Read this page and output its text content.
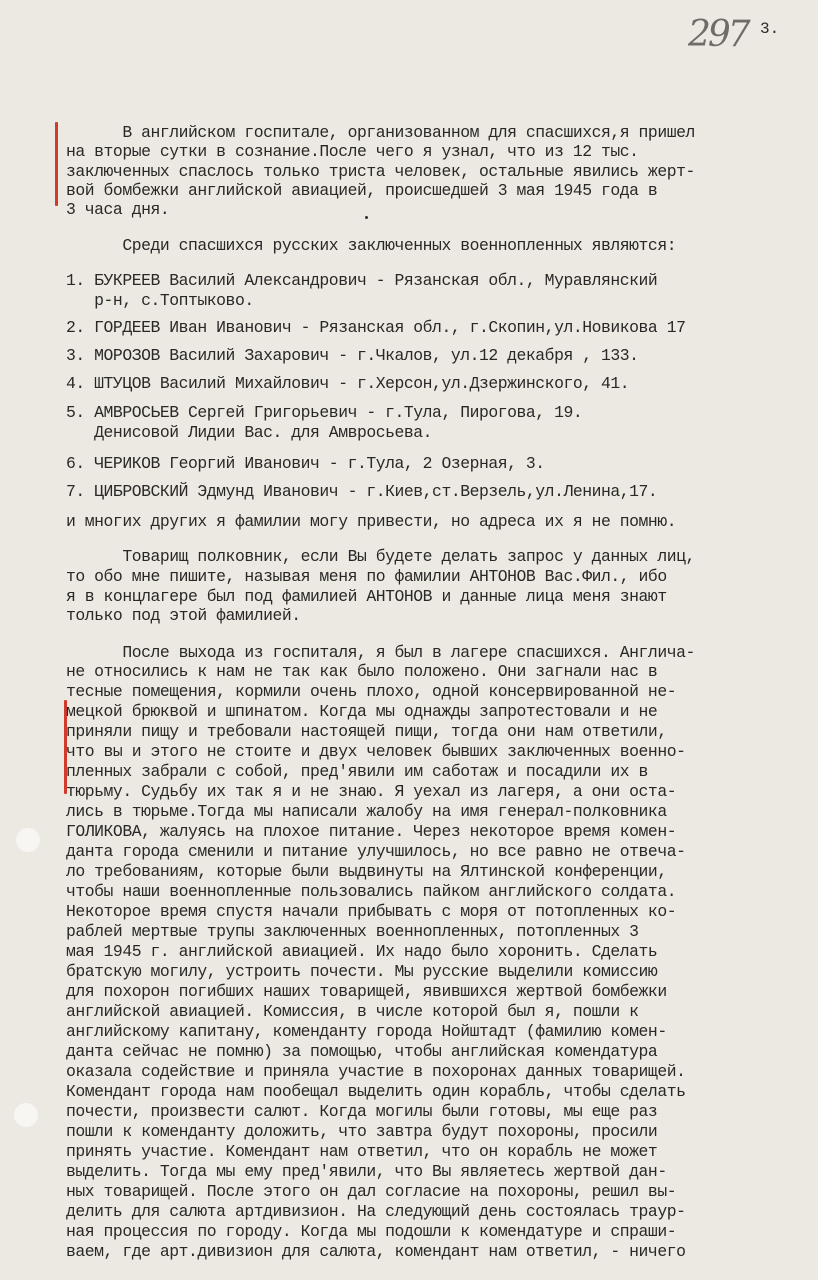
297 3.
В английском госпитале, организованном для спасшихся,я пришел
на вторые сутки в сознание.После чего я узнал, что из 12 тыс.
заключенных спаслось только триста человек, остальные явились жерт-
вой бомбежки английской авиацией, происшедшей 3 мая 1945 года в
3 часа дня.
Среди спасшихся русских заключенных военнопленных являются:
1. БУКРЕЕВ Василий Александрович - Рязанская обл., Муравлянский
р-н, с.Топтыково.
2. ГОРДЕЕВ Иван Иванович - Рязанская обл., г.Скопин,ул.Новикова 17
3. МОРОЗОВ Василий Захарович - г.Чкалов, ул.12 декабря , 133.
4. ШТУЦОВ Василий Михайлович - г.Херсон,ул.Дзержинского, 41.
5. АМВРОСЬЕВ Сергей Григорьевич - г.Тула, Пирогова, 19.
Денисовой Лидии Вас. для Амвросьева.
6. ЧЕРИКОВ Георгий Иванович - г.Тула, 2 Озерная, 3.
7. ЦИБРОВСКИЙ Эдмунд Иванович - г.Киев,ст.Верзель,ул.Ленина,17.
и многих других я фамилии могу привести, но адреса их я не помню.
Товарищ полковник, если Вы будете делать запрос у данных лиц,
то обо мне пишите, называя меня по фамилии АНТОНОВ Вас.Фил., ибо
я в концлагере был под фамилией АНТОНОВ и данные лица меня знают
только под этой фамилией.
После выхода из госпиталя, я был в лагере спасшихся. Англича-
не относились к нам не так как было положено. Они загнали нас в
тесные помещения, кормили очень плохо, одной консервированной не-
мецкой брюквой и шпинатом. Когда мы однажды запротестовали и не
приняли пищу и требовали настоящей пищи, тогда они нам ответили,
что вы и этого не стоите и двух человек бывших заключенных военно-
пленных забрали с собой, пред'явили им саботаж и посадили их в
тюрьму. Судьбу их так я и не знаю. Я уехал из лагеря, а они оста-
лись в тюрьме.Тогда мы написали жалобу на имя генерал-полковника
ГОЛИКОВА, жалуясь на плохое питание. Через некоторое время комен-
данта города сменили и питание улучшилось, но все равно не отвеча-
ло требованиям, которые были выдвинуты на Ялтинской конференции,
чтобы наши военнопленные пользовались пайком английского солдата.
Некоторое время спустя начали прибывать с моря от потопленных ко-
раблей мертвые трупы заключенных военнопленных, потопленных 3
мая 1945 г. английской авиацией. Их надо было хоронить. Сделать
братскую могилу, устроить почести. Мы русские выделили комиссию
для похорон погибших наших товарищей, явившихся жертвой бомбежки
английской авиацией. Комиссия, в числе которой был я, пошли к
английскому капитану, коменданту города Нойштадт (фамилию комен-
данта сейчас не помню) за помощью, чтобы английская комендатура
оказала содействие и приняла участие в похоронах данных товарищей.
Комендант города нам пообещал выделить один корабль, чтобы сделать
почести, произвести салют. Когда могилы были готовы, мы еще раз
пошли к коменданту доложить, что завтра будут похороны, просили
принять участие. Комендант нам ответил, что он корабль не может
выделить. Тогда мы ему пред'явили, что Вы являетесь жертвой дан-
ных товарищей. После этого он дал согласие на похороны, решил вы-
делить для салюта артдивизион. На следующий день состоялась траур-
ная процессия по городу. Когда мы подошли к комендатуре и спраши-
ваем, где арт.дивизион для салюта, комендант нам ответил, - ничего
